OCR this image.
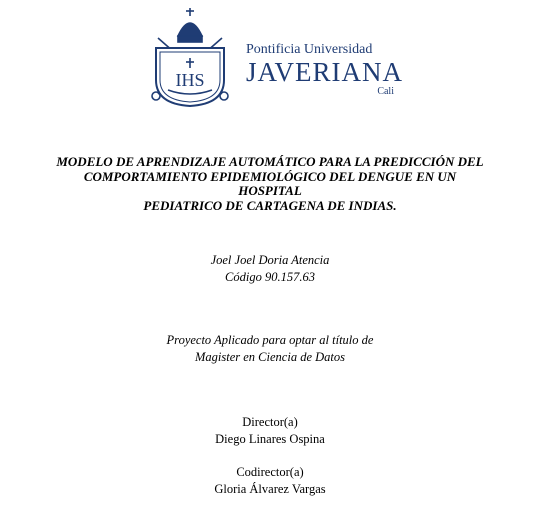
IHS
Pontificia Universidad
JAVERIANA
Cali
MODELO DE APRENDIZAJE AUTOMÁTICO PARA LA PREDICCIÓN DEL
COMPORTAMIENTO EPIDEMIOLÓGICO DEL DENGUE EN UN
HOSPITAL
PEDIATRICO DE CARTAGENA DE INDIAS.
Joel Joel Doria Atencia
Código 90.157.63
Proyecto Aplicado para optar al título de
Magister en Ciencia de Datos
Director(a)
Diego Linares Ospina
Codirector(a)
Gloria Álvarez Vargas
